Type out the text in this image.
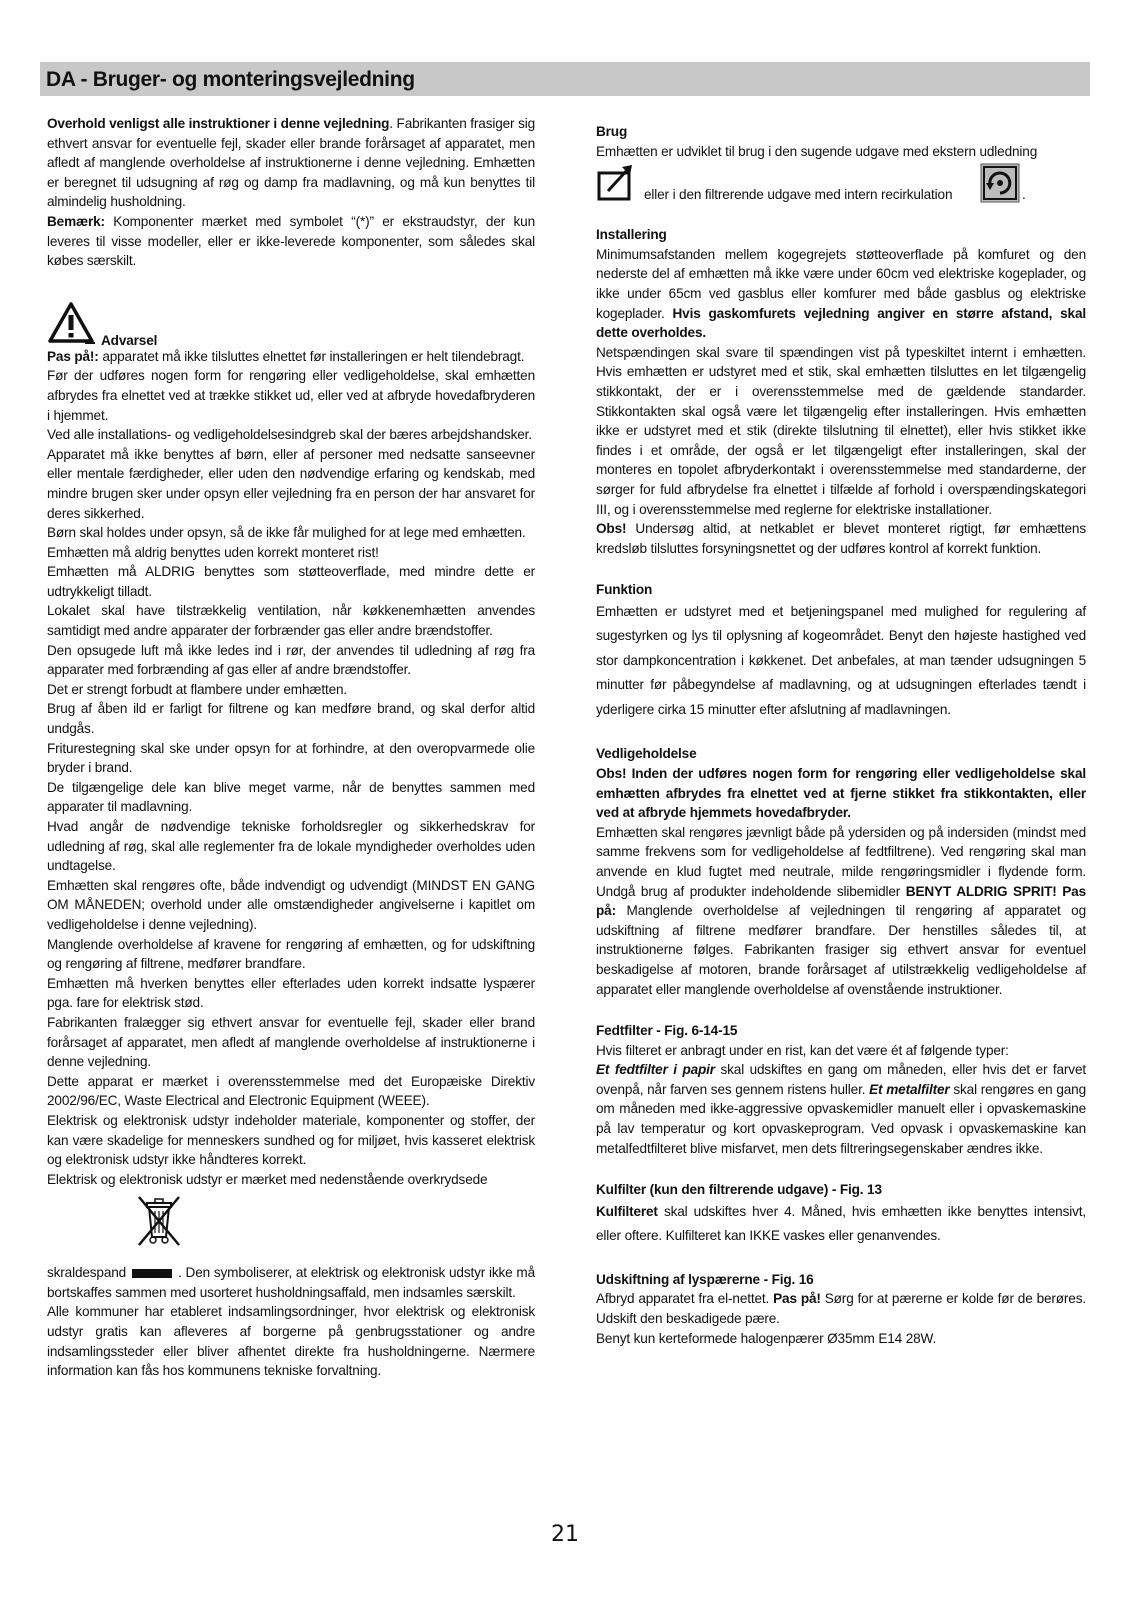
DA - Bruger- og monteringsvejledning

Overhold venligst alle instruktioner i denne vejledning. Fabrikanten frasiger sig ethvert ansvar for eventuelle fejl, skader eller brande forårsaget af apparatet, men afledt af manglende overholdelse af instruktionerne i denne vejledning. Emhætten er beregnet til udsugning af røg og damp fra madlavning, og må kun benyttes til almindelig husholdning.

Bemærk: Komponenter mærket med symbolet “(*)” er ekstraudstyr, der kun leveres til visse modeller, eller er ikke-leverede komponenter, som således skal købes særskilt.

Advarsel

Pas på!: apparatet må ikke tilsluttes elnettet før installeringen er helt tilendebragt.

Før der udføres nogen form for rengøring eller vedligeholdelse, skal emhætten afbrydes fra elnettet ved at trække stikket ud, eller ved at afbryde hovedafbryderen i hjemmet.

Ved alle installations- og vedligeholdelsesindgreb skal der bæres arbejdshandsker.

Apparatet må ikke benyttes af børn, eller af personer med nedsatte sanseevner eller mentale færdigheder, eller uden den nødvendige erfaring og kendskab, med mindre brugen sker under opsyn eller vejledning fra en person der har ansvaret for deres sikkerhed.

Børn skal holdes under opsyn, så de ikke får mulighed for at lege med emhætten.

Emhætten må aldrig benyttes uden korrekt monteret rist!

Emhætten må ALDRIG benyttes som støtteoverflade, med mindre dette er udtrykkeligt tilladt.

Lokalet skal have tilstrækkelig ventilation, når køkkenemhætten anvendes samtidigt med andre apparater der forbrænder gas eller andre brændstoffer.

Den opsugede luft må ikke ledes ind i rør, der anvendes til udledning af røg fra apparater med forbrænding af gas eller af andre brændstoffer.

Det er strengt forbudt at flambere under emhætten.

Brug af åben ild er farligt for filtrene og kan medføre brand, og skal derfor altid undgås.

Friturestegning skal ske under opsyn for at forhindre, at den overopvarmede olie bryder i brand.

De tilgængelige dele kan blive meget varme, når de benyttes sammen med apparater til madlavning.

Hvad angår de nødvendige tekniske forholdsregler og sikkerhedskrav for udledning af røg, skal alle reglementer fra de lokale myndigheder overholdes uden undtagelse.

Emhætten skal rengøres ofte, både indvendigt og udvendigt (MINDST EN GANG OM MÅNEDEN; overhold under alle omstændigheder angivelserne i kapitlet om vedligeholdelse i denne vejledning).

Manglende overholdelse af kravene for rengøring af emhætten, og for udskiftning og rengøring af filtrene, medfører brandfare.

Emhætten må hverken benyttes eller efterlades uden korrekt indsatte lyspærer pga. fare for elektrisk stød.

Fabrikanten fralægger sig ethvert ansvar for eventuelle fejl, skader eller brand forårsaget af apparatet, men afledt af manglende overholdelse af instruktionerne i denne vejledning.

Dette apparat er mærket i overensstemmelse med det Europæiske Direktiv 2002/96/EC, Waste Electrical and Electronic Equipment (WEEE).

Elektrisk og elektronisk udstyr indeholder materiale, komponenter og stoffer, der kan være skadelige for menneskers sundhed og for miljøet, hvis kasseret elektrisk og elektronisk udstyr ikke håndteres korrekt.

Elektrisk og elektronisk udstyr er mærket med nedenstående overkrydsede

skraldespand	. Den symboliserer, at elektrisk og elektronisk udstyr ikke må bortskaffes sammen med usorteret husholdningsaffald, men indsamles særskilt.

Alle kommuner har etableret indsamlingsordninger, hvor elektrisk og elektronisk udstyr gratis kan afleveres af borgerne på genbrugsstationer og andre indsamlingssteder eller bliver afhentet direkte fra husholdningerne. Nærmere information kan fås hos kommunens tekniske forvaltning.

Brug

Emhætten er udviklet til brug i den sugende udgave med ekstern udledning

eller i den filtrerende udgave med intern recirkulation	.

Installering

Minimumsafstanden mellem kogegrejets støtteoverflade på komfuret og den nederste del af emhætten må ikke være under 60cm ved elektriske kogeplader, og ikke under 65cm ved gasblus eller komfurer med både gasblus og elektriske kogeplader. Hvis gaskomfurets vejledning angiver en større afstand, skal dette overholdes.

Netspændingen skal svare til spændingen vist på typeskiltet internt i emhætten. Hvis emhætten er udstyret med et stik, skal emhætten tilsluttes en let tilgængelig stikkontakt, der er i overensstemmelse med de gældende standarder. Stikkontakten skal også være let tilgængelig efter installeringen. Hvis emhætten ikke er udstyret med et stik (direkte tilslutning til elnettet), eller hvis stikket ikke findes i et område, der også er let tilgængeligt efter installeringen, skal der monteres en topolet afbryderkontakt i overensstemmelse med standarderne, der sørger for fuld afbrydelse fra elnettet i tilfælde af forhold i overspændingskategori III, og i overensstemmelse med reglerne for elektriske installationer.

Obs! Undersøg altid, at netkablet er blevet monteret rigtigt, før emhættens kredsløb tilsluttes forsyningsnettet og der udføres kontrol af korrekt funktion.

Funktion

Emhætten er udstyret med et betjeningspanel med mulighed for regulering af sugestyrken og lys til oplysning af kogeområdet. Benyt den højeste hastighed ved stor dampkoncentration i køkkenet. Det anbefales, at man tænder udsugningen 5 minutter før påbegyndelse af madlavning, og at udsugningen efterlades tændt i yderligere cirka 15 minutter efter afslutning af madlavningen.

Vedligeholdelse

Obs! Inden der udføres nogen form for rengøring eller vedligeholdelse skal emhætten afbrydes fra elnettet ved at fjerne stikket fra stikkontakten, eller ved at afbryde hjemmets hovedafbryder.

Emhætten skal rengøres jævnligt både på ydersiden og på indersiden (mindst med samme frekvens som for vedligeholdelse af fedtfiltrene). Ved rengøring skal man anvende en klud fugtet med neutrale, milde rengøringsmidler i flydende form. Undgå brug af produkter indeholdende slibemidler BENYT ALDRIG SPRIT! Pas på: Manglende overholdelse af vejledningen til rengøring af apparatet og udskiftning af filtrene medfører brandfare. Der henstilles således til, at instruktionerne følges. Fabrikanten frasiger sig ethvert ansvar for eventuel beskadigelse af motoren, brande forårsaget af utilstrækkelig vedligeholdelse af apparatet eller manglende overholdelse af ovenstående instruktioner.

Fedtfilter - Fig. 6-14-15

Hvis filteret er anbragt under en rist, kan det være ét af følgende typer:

Et fedtfilter i papir skal udskiftes en gang om måneden, eller hvis det er farvet ovenpå, når farven ses gennem ristens huller. Et metalfilter skal rengøres en gang om måneden med ikke-aggressive opvaskemidler manuelt eller i opvaskemaskine på lav temperatur og kort opvaskeprogram. Ved opvask i opvaskemaskine kan metalfedtfilteret blive misfarvet, men dets filtreringsegenskaber ændres ikke.

Kulfilter (kun den filtrerende udgave) - Fig. 13

Kulfilteret skal udskiftes hver 4. Måned, hvis emhætten ikke benyttes intensivt, eller oftere. Kulfilteret kan IKKE vaskes eller genanvendes.

Udskiftning af lyspærerne - Fig. 16

Afbryd apparatet fra el-nettet. Pas på! Sørg for at pærerne er kolde før de berøres. Udskift den beskadigede pære.

Benyt kun kerteformede halogenpærer Ø35mm E14 28W.

21
